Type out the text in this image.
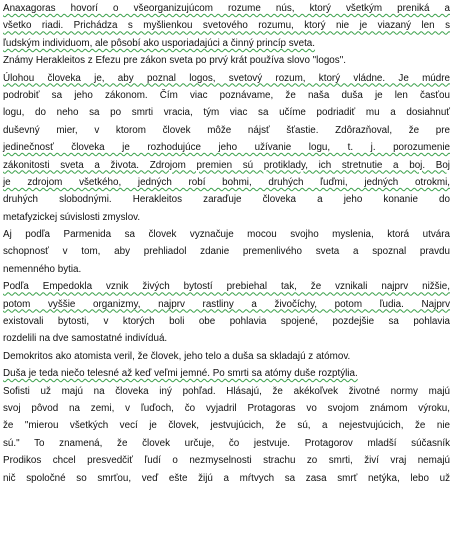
Anaxagoras hovorí o všeorganizujúcom rozume nús, ktorý všetkým preniká a
všetko riadi. Prichádza s myšlienkou svetového rozumu, ktorý nie je viazaný len s
ľudským individuom, ale pôsobí ako usporiadajúci a činný princíp sveta.
Známy Herakleitos z Efezu pre zákon sveta po prvý krát používa slovo "logos".
Úlohou človeka je, aby poznal logos, svetový rozum, ktorý vládne. Je múdre
podrobiť sa jeho zákonom. Čím viac poznávame, že naša duša je len časťou
logu, do neho sa po smrti vracia, tým viac sa učíme podriadiť mu a dosiahnuť
duševný mier, v ktorom človek môže nájsť šťastie. Zdôrazňoval, že pre
jedinečnosť človeka je rozhodujúce jeho užívanie logu, t. j. porozumenie
zákonitosti sveta a života. Zdrojom premien sú protiklady, ich stretnutie a boj. Boj
je zdrojom všetkého, jedných robí bohmi, druhých ľuďmi, jedných otrokmi,
druhých slobodnými. Herakleitos zaraďuje človeka a jeho konanie do
metafyzickej súvislosti zmyslov.
Aj podľa Parmenida sa človek vyznačuje mocou svojho myslenia, ktorá utvára
schopnosť v tom, aby prehliadol zdanie premenlivého sveta a spoznal pravdu
nemenného bytia.
Podľa Empedokla vznik živých bytostí prebiehal tak, že vznikali najprv nižšie,
potom vyššie organizmy, najprv rastliny a živočíchy, potom ľudia. Najprv
existovali bytosti, v ktorých boli obe pohlavia spojené, pozdejšie sa pohlavia
rozdelili na dve samostatné indivíduá.
Demokritos ako atomista veril, že človek, jeho telo a duša sa skladajú z atómov.
Duša je teda niečo telesné až keď veľmi jemné. Po smrti sa atómy duše rozptýlia.
Sofisti už majú na človeka iný pohľad. Hlásajú, že akékoľvek životné normy majú
svoj pôvod na zemi, v ľuďoch, čo vyjadril Protagoras vo svojom známom výroku,
že "mierou všetkých vecí je človek, jestvujúcich, že sú, a nejestvujúcich, že nie
sú." To znamená, že človek určuje, čo jestvuje. Protagorov mladší súčasník
Prodikos chcel presvedčiť ľudí o nezmyselnosti strachu zo smrti, živí vraj nemajú
nič spoločné so smrťou, veď ešte žijú a mŕtvych sa zasa smrť netýka, lebo už
